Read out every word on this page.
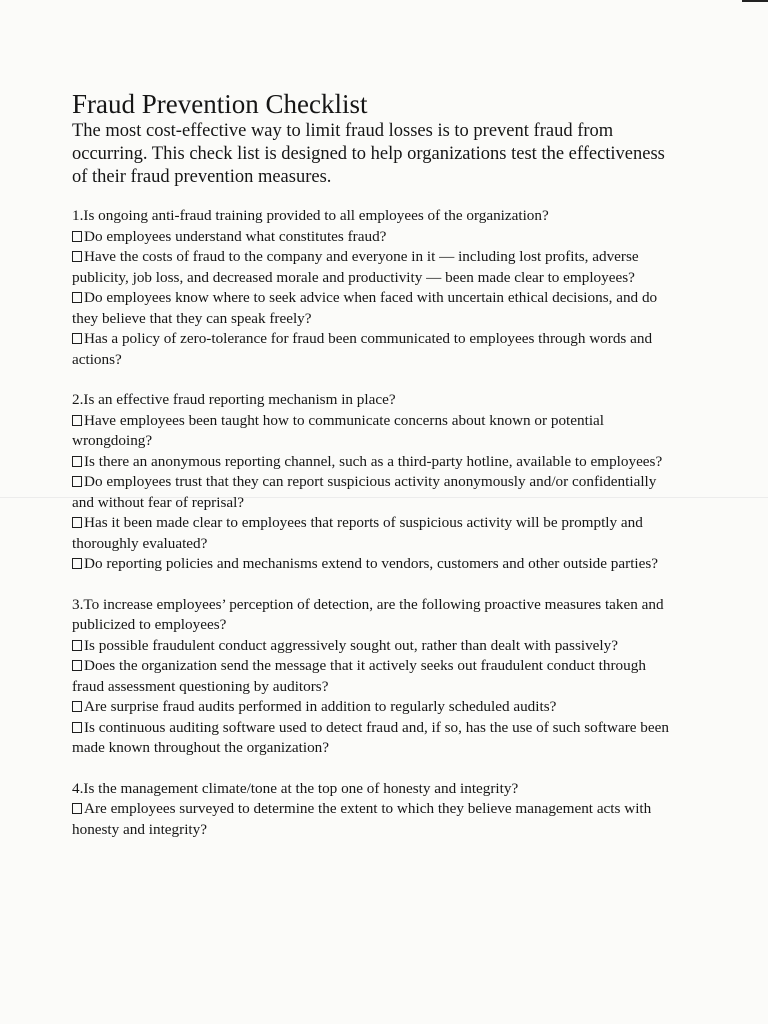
Fraud Prevention Checklist

The most cost-effective way to limit fraud losses is to prevent fraud from occurring. This check list is designed to help organizations test the effectiveness of their fraud prevention measures.

1.Is ongoing anti-fraud training provided to all employees of the organization?

Do employees understand what constitutes fraud?

Have the costs of fraud to the company and everyone in it — including lost profits, adverse publicity, job loss, and decreased morale and productivity — been made clear to employees?

Do employees know where to seek advice when faced with uncertain ethical decisions, and do they believe that they can speak freely?

Has a policy of zero-tolerance for fraud been communicated to employees through words and actions?

2.Is an effective fraud reporting mechanism in place?

Have employees been taught how to communicate concerns about known or potential wrongdoing?

Is there an anonymous reporting channel, such as a third-party hotline, available to employees?

Do employees trust that they can report suspicious activity anonymously and/or confidentially and without fear of reprisal?

Has it been made clear to employees that reports of suspicious activity will be promptly and thoroughly evaluated?

Do reporting policies and mechanisms extend to vendors, customers and other outside parties?

3.To increase employees’ perception of detection, are the following proactive measures taken and publicized to employees?

Is possible fraudulent conduct aggressively sought out, rather than dealt with passively?

Does the organization send the message that it actively seeks out fraudulent conduct through fraud assessment questioning by auditors?

Are surprise fraud audits performed in addition to regularly scheduled audits?

Is continuous auditing software used to detect fraud and, if so, has the use of such software been made known throughout the organization?

4.Is the management climate/tone at the top one of honesty and integrity?

Are employees surveyed to determine the extent to which they believe management acts with honesty and integrity?
